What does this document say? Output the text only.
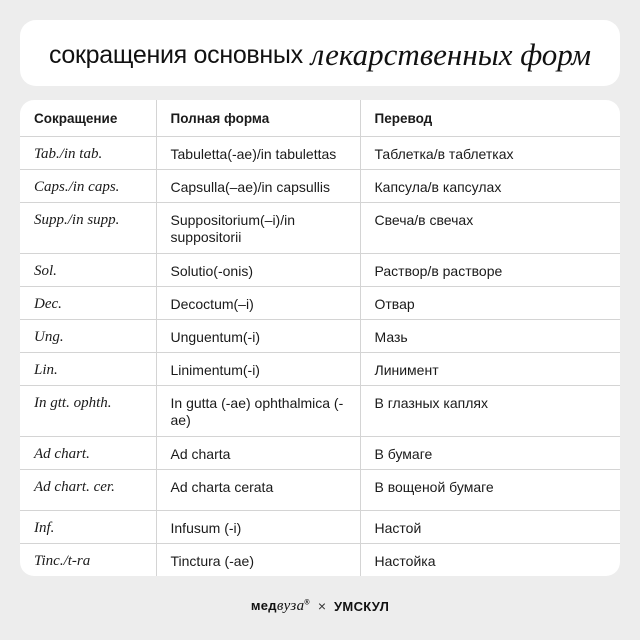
сокращения основных лекарственных форм
Сокращение	Полная форма	Перевод
Tab./in tab.	Tabuletta(-ae)/in tabulettas	Таблетка/в таблетках
Caps./in caps.	Capsulla(–ae)/in capsullis	Капсула/в капсулах
Supp./in supp.	Suppositorium(–i)/in suppositorii	Свеча/в свечах
Sol.	Solutio(-onis)	Раствор/в растворе
Dec.	Decoctum(–i)	Отвар
Ung.	Unguentum(-i)	Мазь
Lin.	Linimentum(-i)	Линимент
In gtt. ophth.	In gutta (-ae) ophthalmica (-ae)	В глазных каплях
Ad chart.	Ad charta	В бумаге
Ad chart. cer.	Ad charta cerata	В вощеной бумаге
Inf.	Infusum (-i)	Настой
Tinc./t-ra	Tinctura (-ae)	Настойка
медвуза® × УМСКУЛ
